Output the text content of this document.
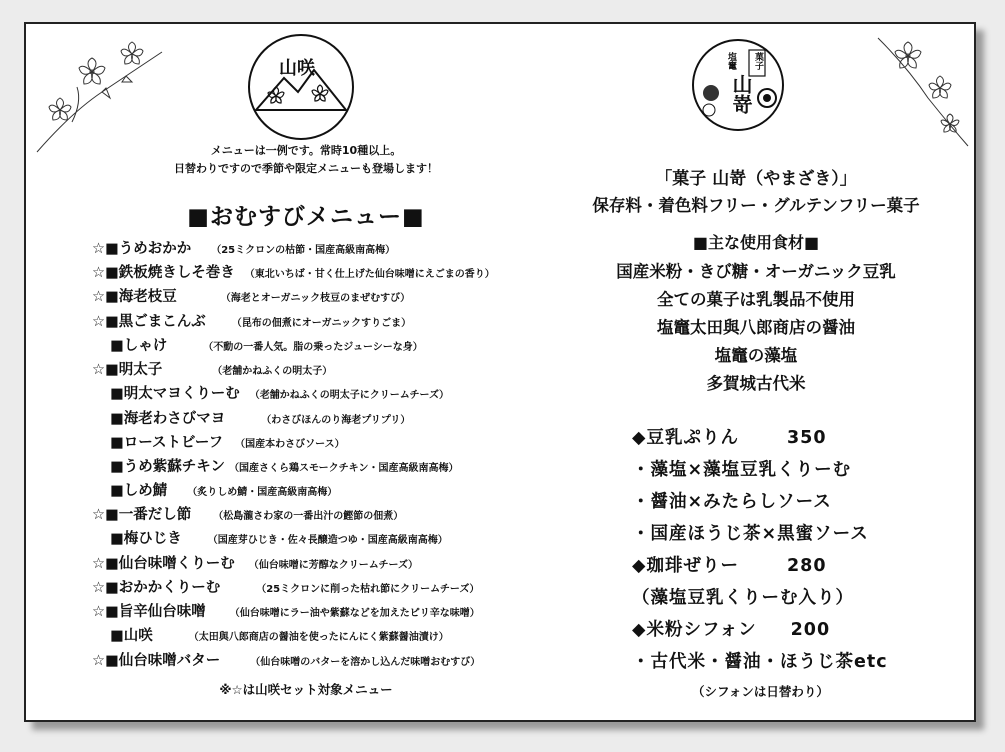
山咲	塩竃 菓子
山嵜
メニューは一例です。常時10種以上。
日替わりですので季節や限定メニューも登場します！
■おむすびメニュー■
☆■うめおかか （25ミクロンの枯節・国産高級南高梅）
☆■鉄板焼きしそ巻き （東北いちば・甘く仕上げた仙台味噌にえごまの香り）
☆■海老枝豆	（海老とオーガニック枝豆のまぜむすび）
☆■黒ごまこんぶ	（昆布の佃煮にオーガニックすりごま）
■しゃけ	（不動の一番人気。脂の乗ったジューシーな身）
☆■明太子	（老舗かねふくの明太子）
■明太マヨくりーむ （老舗かねふくの明太子にクリームチーズ）
■海老わさびマヨ	（わさびほんのり海老プリプリ）
■ローストビーフ （国産本わさびソース）
■うめ紫蘇チキン （国産さくら鶏スモークチキン・国産高級南高梅）
■しめ鯖 （炙りしめ鯖・国産高級南高梅）
☆■一番だし節 （松島瀧さわ家の一番出汁の鰹節の佃煮）
■梅ひじき	（国産芽ひじき・佐々長醸造つゆ・国産高級南高梅）
☆■仙台味噌くりーむ （仙台味噌に芳醇なクリームチーズ）
☆■おかかくりーむ	（25ミクロンに削った枯れ節にクリームチーズ）
☆■旨辛仙台味噌 （仙台味噌にラー油や紫蘇などを加えたピリ辛な味噌）
■山咲	（太田與八郎商店の醤油を使ったにんにく紫蘇醤油漬け）
☆■仙台味噌バター	（仙台味噌のバターを溶かし込んだ味噌おむすび）
※☆は山咲セット対象メニュー
「菓子 山嵜（やまざき）」
保存料・着色料フリー・グルテンフリー菓子
■主な使用食材■
国産米粉・きび糖・オーガニック豆乳
全ての菓子は乳製品不使用
塩竈太田與八郎商店の醤油
塩竈の藻塩
多賀城古代米
◆豆乳ぷりん	350
・藻塩×藻塩豆乳くりーむ
・醤油×みたらしソース
・国産ほうじ茶×黒蜜ソース
◆珈琲ぜりー	280
（藻塩豆乳くりーむ入り）
◆米粉シフォン 200
・古代米・醤油・ほうじ茶etc
（シフォンは日替わり）
